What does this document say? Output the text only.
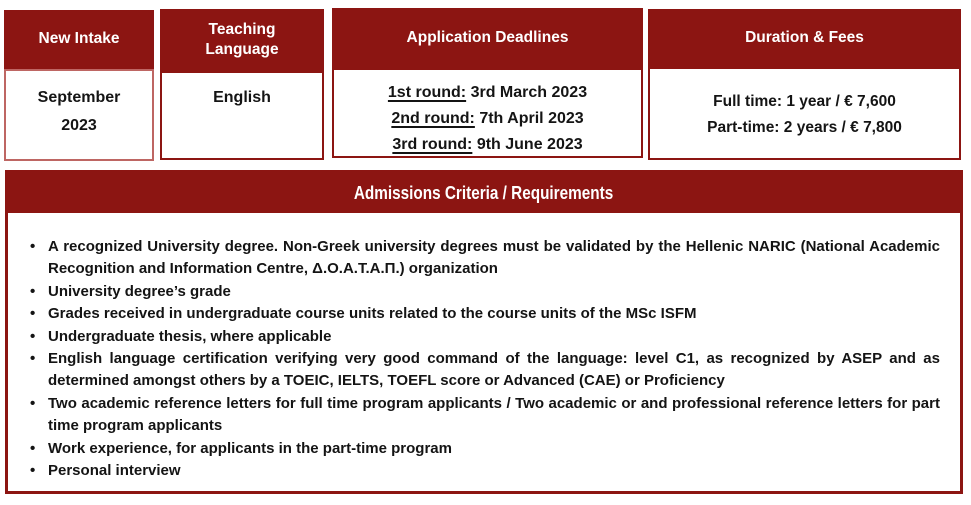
New Intake
September
2023
Teaching Language
English
Application Deadlines
1st round: 3rd March 2023
2nd round: 7th April 2023
3rd round: 9th June 2023
Duration & Fees
Full time: 1 year / € 7,600
Part-time: 2 years / € 7,800
Admissions Criteria / Requirements
• A recognized University degree. Non-Greek university degrees must be validated by the Hellenic NARIC (National Academic Recognition and Information Centre, Δ.Ο.Α.Τ.Α.Π.) organization
• University degree’s grade
• Grades received in undergraduate course units related to the course units of the MSc ISFM
• Undergraduate thesis, where applicable
• English language certification verifying very good command of the language: level C1, as recognized by ASEP and as determined amongst others by a TOEIC, IELTS, TOEFL score or Advanced (CAE) or Proficiency
• Two academic reference letters for full time program applicants / Two academic or and professional reference letters for part time program applicants
• Work experience, for applicants in the part-time program
• Personal interview
